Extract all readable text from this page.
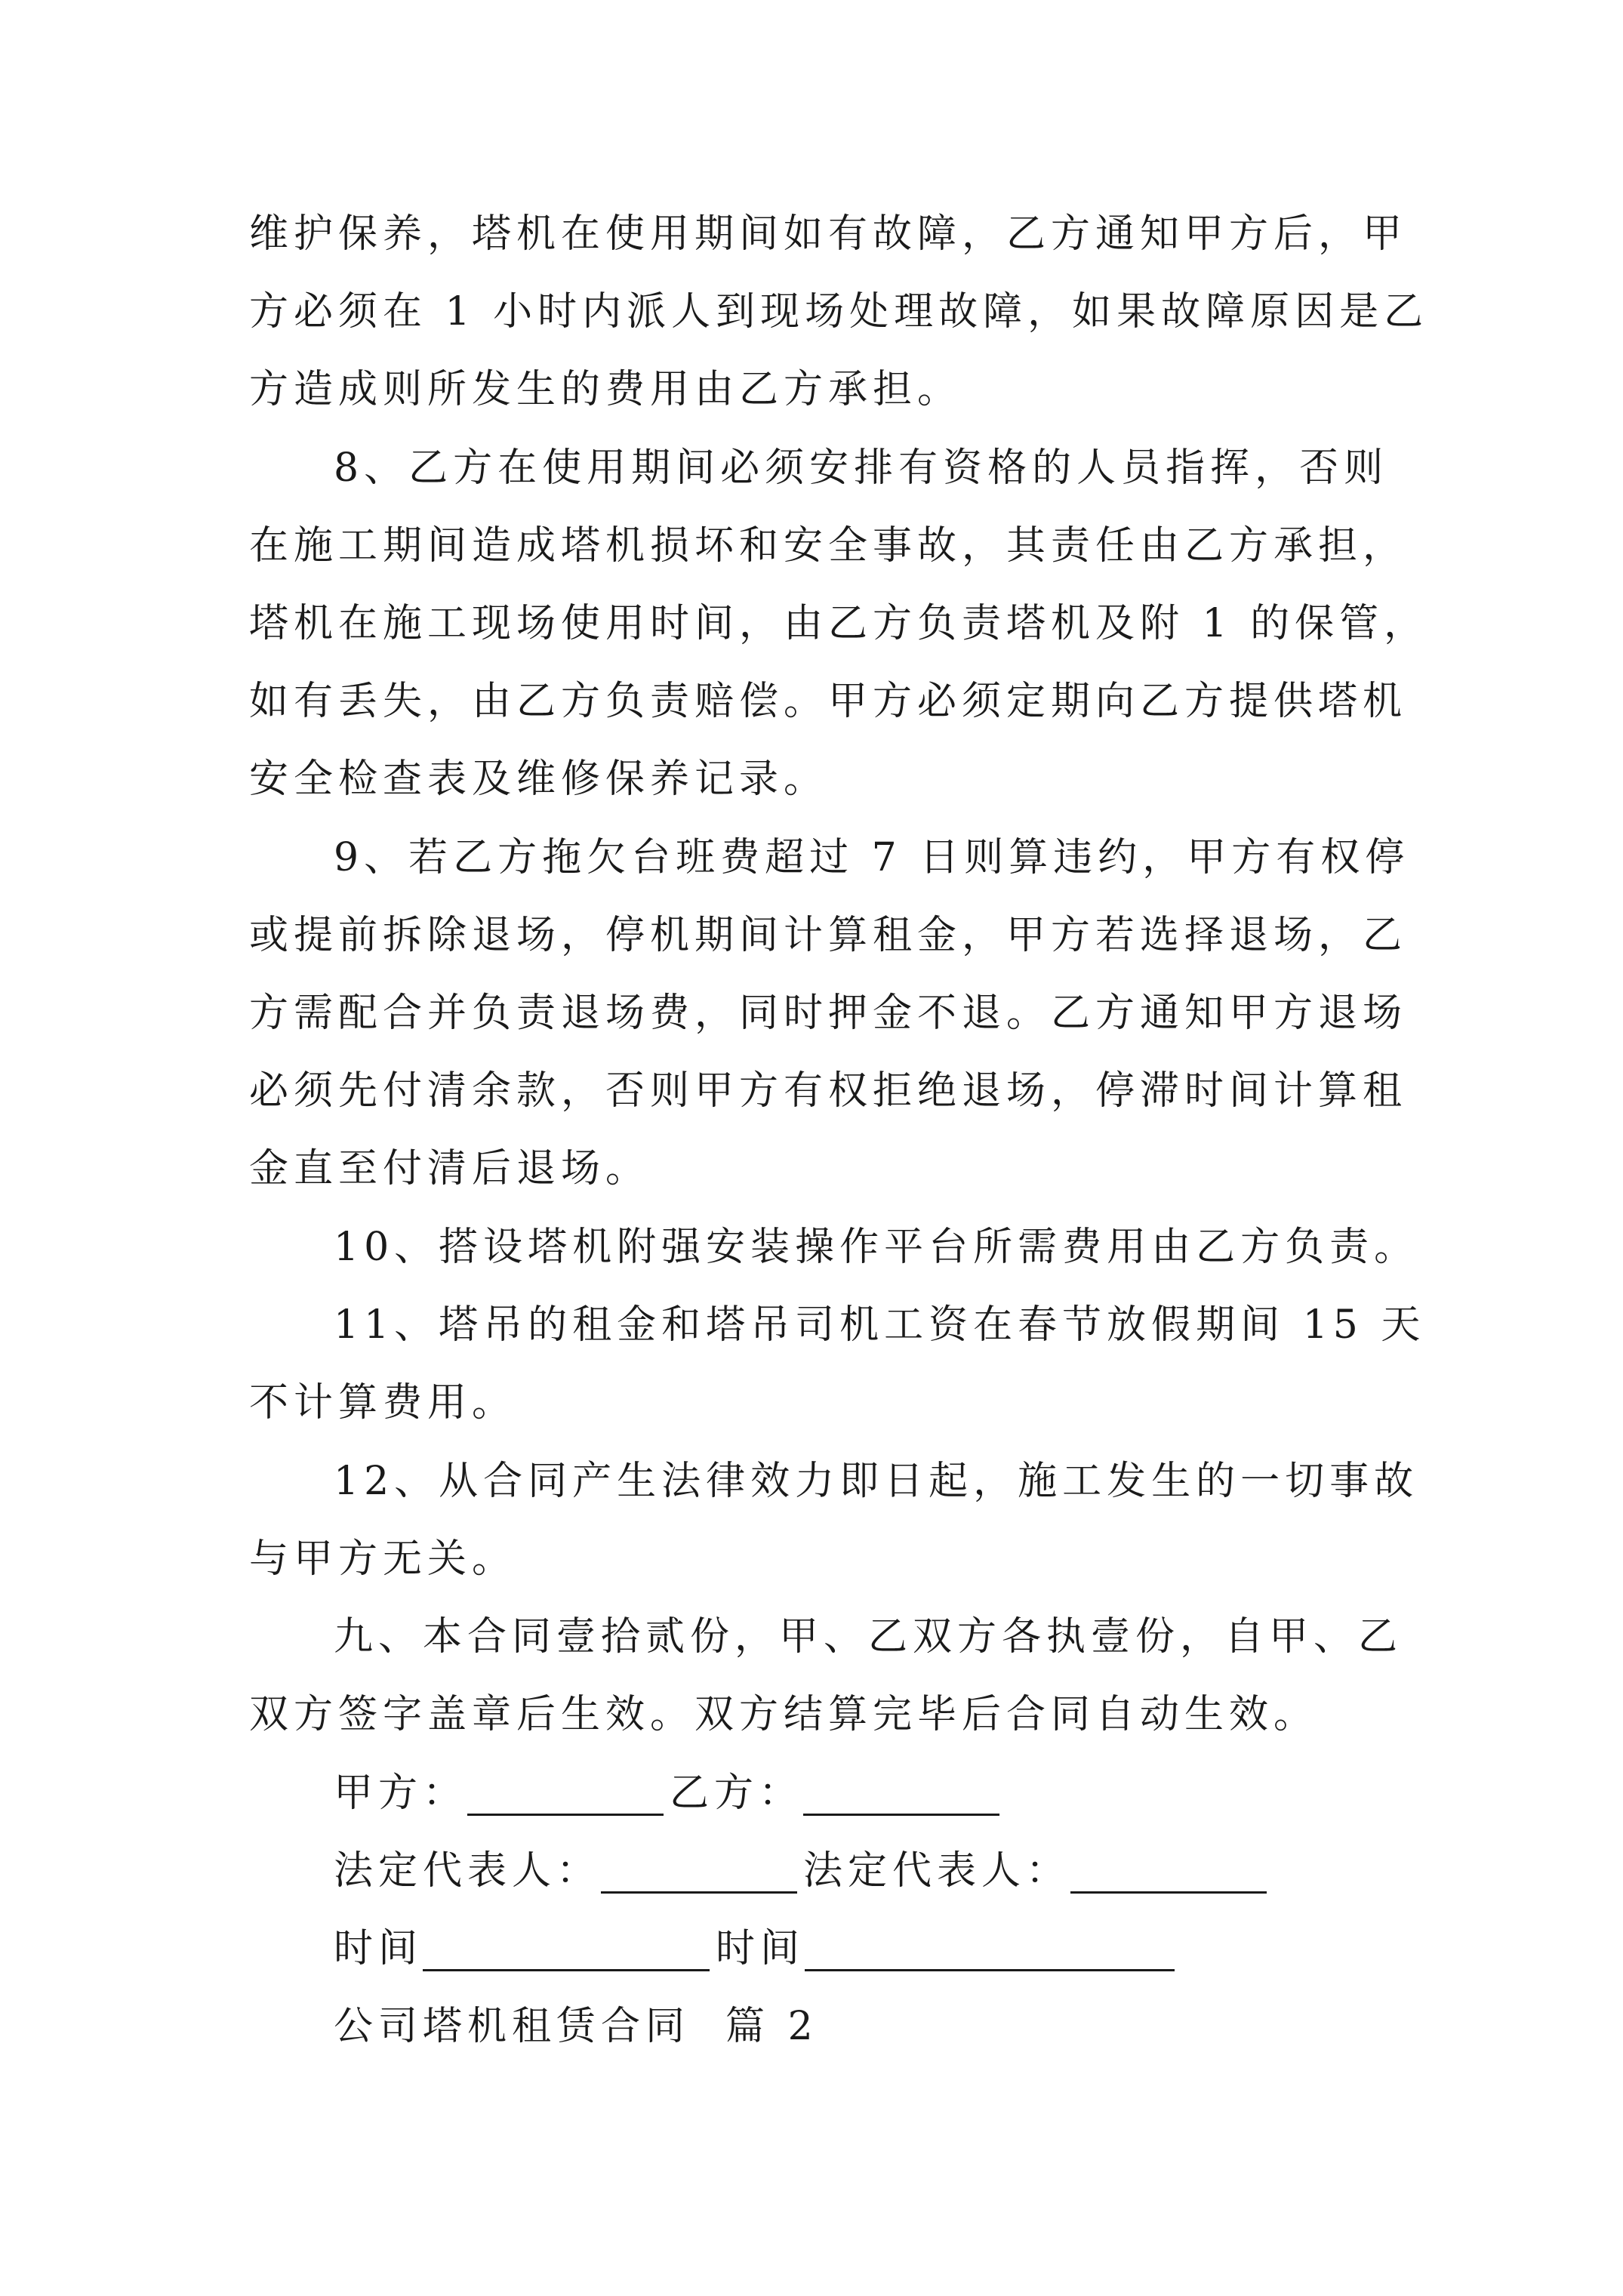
维护保养，塔机在使用期间如有故障，乙方通知甲方后，甲
方必须在 1 小时内派人到现场处理故障，如果故障原因是乙
方造成则所发生的费用由乙方承担。
8、乙方在使用期间必须安排有资格的人员指挥，否则
在施工期间造成塔机损坏和安全事故，其责任由乙方承担，
塔机在施工现场使用时间，由乙方负责塔机及附 1 的保管，
如有丢失，由乙方负责赔偿。甲方必须定期向乙方提供塔机
安全检查表及维修保养记录。
9、若乙方拖欠台班费超过 7 日则算违约，甲方有权停
或提前拆除退场，停机期间计算租金，甲方若选择退场，乙
方需配合并负责退场费，同时押金不退。乙方通知甲方退场
必须先付清余款，否则甲方有权拒绝退场，停滞时间计算租
金直至付清后退场。
10、搭设塔机附强安装操作平台所需费用由乙方负责。
11、塔吊的租金和塔吊司机工资在春节放假期间 15 天
不计算费用。
12、从合同产生法律效力即日起，施工发生的一切事故
与甲方无关。
九、本合同壹拾贰份，甲、乙双方各执壹份，自甲、乙
双方签字盖章后生效。双方结算完毕后合同自动生效。
甲方：	乙方：
法定代表人：	法定代表人：
时间	时间
公司塔机租赁合同  篇 2
